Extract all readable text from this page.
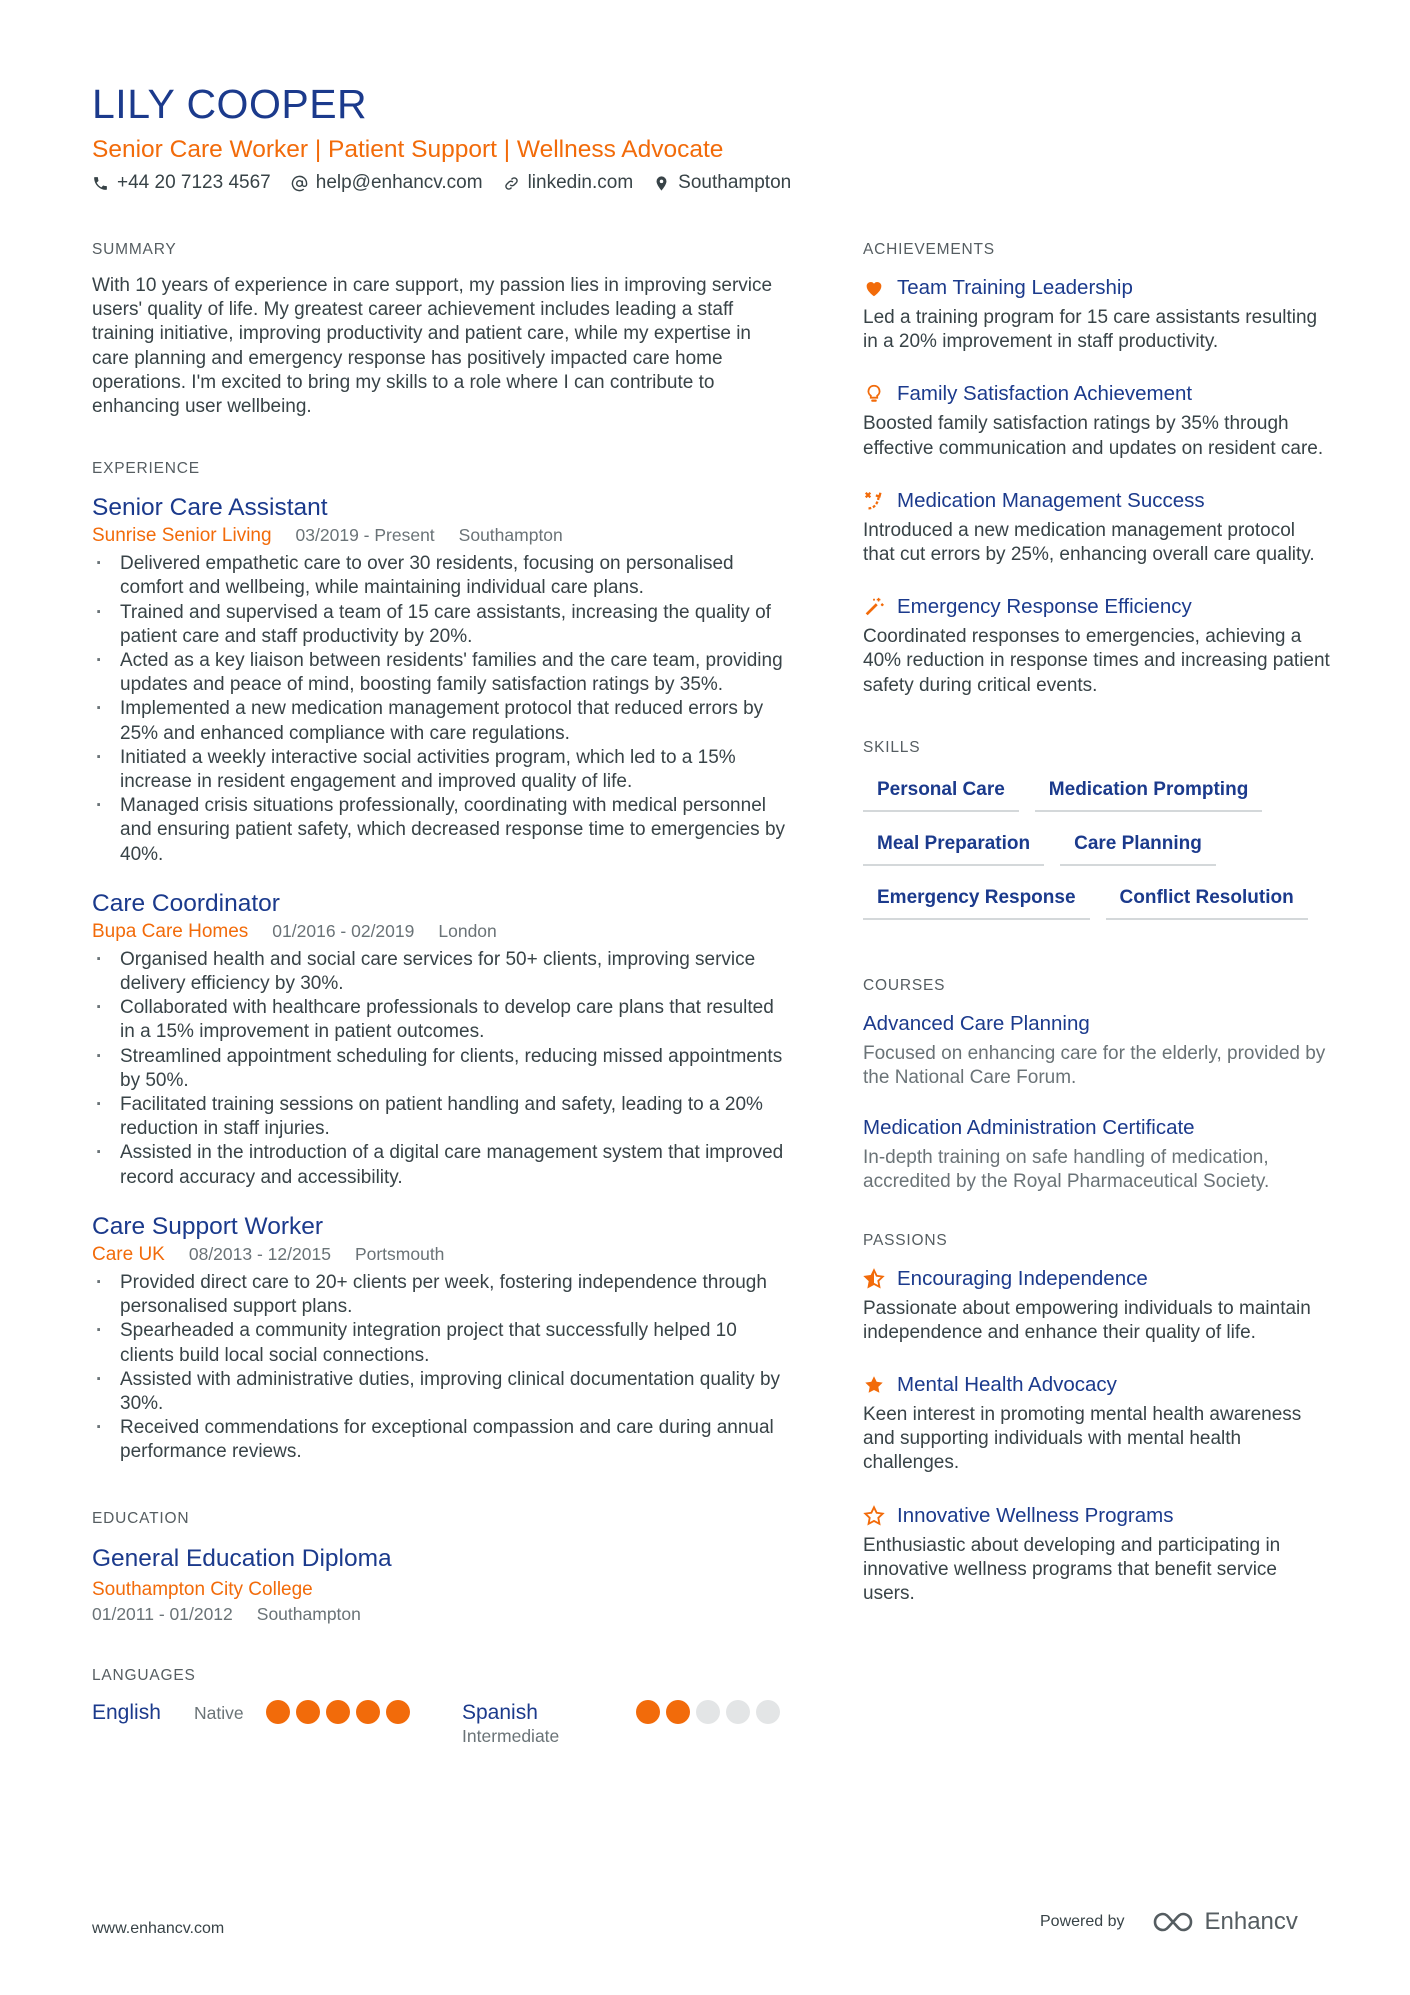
LILY COOPER
Senior Care Worker | Patient Support | Wellness Advocate
+44 20 7123 4567 help@enhancv.com linkedin.com Southampton
SUMMARY
With 10 years of experience in care support, my passion lies in improving service users' quality of life. My greatest career achievement includes leading a staff training initiative, improving productivity and patient care, while my expertise in care planning and emergency response has positively impacted care home operations. I'm excited to bring my skills to a role where I can contribute to enhancing user wellbeing.
EXPERIENCE
Senior Care Assistant
Sunrise Senior Living 03/2019 - Present Southampton
· Delivered empathetic care to over 30 residents, focusing on personalised comfort and wellbeing, while maintaining individual care plans.
· Trained and supervised a team of 15 care assistants, increasing the quality of patient care and staff productivity by 20%.
· Acted as a key liaison between residents' families and the care team, providing updates and peace of mind, boosting family satisfaction ratings by 35%.
· Implemented a new medication management protocol that reduced errors by 25% and enhanced compliance with care regulations.
· Initiated a weekly interactive social activities program, which led to a 15% increase in resident engagement and improved quality of life.
· Managed crisis situations professionally, coordinating with medical personnel and ensuring patient safety, which decreased response time to emergencies by 40%.
Care Coordinator
Bupa Care Homes 01/2016 - 02/2019 London
· Organised health and social care services for 50+ clients, improving service delivery efficiency by 30%.
· Collaborated with healthcare professionals to develop care plans that resulted in a 15% improvement in patient outcomes.
· Streamlined appointment scheduling for clients, reducing missed appointments by 50%.
· Facilitated training sessions on patient handling and safety, leading to a 20% reduction in staff injuries.
· Assisted in the introduction of a digital care management system that improved record accuracy and accessibility.
Care Support Worker
Care UK 08/2013 - 12/2015 Portsmouth
· Provided direct care to 20+ clients per week, fostering independence through personalised support plans.
· Spearheaded a community integration project that successfully helped 10 clients build local social connections.
· Assisted with administrative duties, improving clinical documentation quality by 30%.
· Received commendations for exceptional compassion and care during annual performance reviews.
EDUCATION
General Education Diploma
Southampton City College
01/2011 - 01/2012 Southampton
LANGUAGES
English	Native	Spanish
Intermediate
ACHIEVEMENTS
Team Training Leadership
Led a training program for 15 care assistants resulting in a 20% improvement in staff productivity.
Family Satisfaction Achievement
Boosted family satisfaction ratings by 35% through effective communication and updates on resident care.
Medication Management Success
Introduced a new medication management protocol that cut errors by 25%, enhancing overall care quality.
Emergency Response Efficiency
Coordinated responses to emergencies, achieving a 40% reduction in response times and increasing patient safety during critical events.
SKILLS
Personal Care	Medication Prompting
Meal Preparation	Care Planning
Emergency Response	Conflict Resolution
COURSES
Advanced Care Planning
Focused on enhancing care for the elderly, provided by the National Care Forum.
Medication Administration Certificate
In-depth training on safe handling of medication, accredited by the Royal Pharmaceutical Society.
PASSIONS
Encouraging Independence
Passionate about empowering individuals to maintain independence and enhance their quality of life.
Mental Health Advocacy
Keen interest in promoting mental health awareness and supporting individuals with mental health challenges.
Innovative Wellness Programs
Enthusiastic about developing and participating in innovative wellness programs that benefit service users.
www.enhancv.com	Powered by	Enhancv
